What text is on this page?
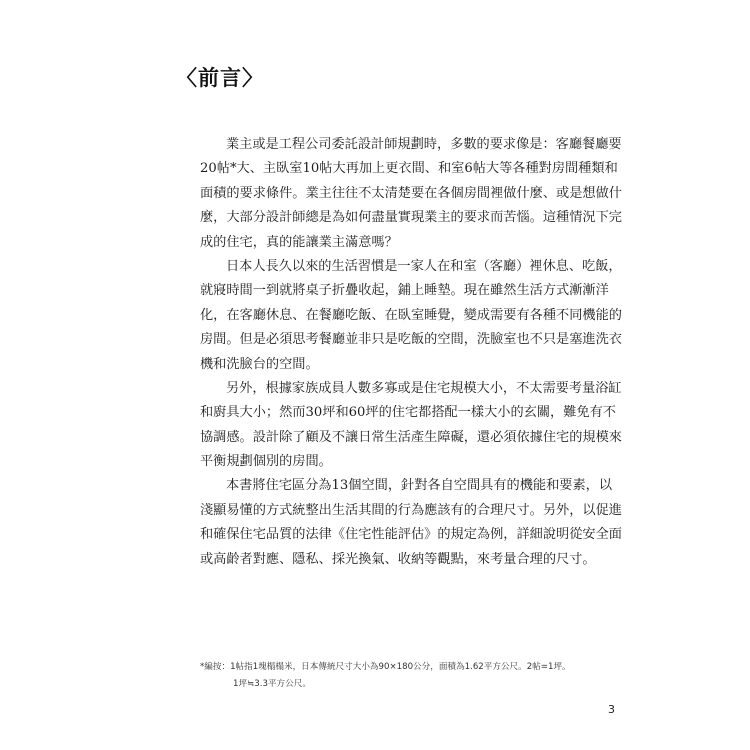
〈前言〉
業主或是工程公司委託設計師規劃時，多數的要求像是：客廳餐廳要
20帖*大、主臥室10帖大再加上更衣間、和室6帖大等各種對房間種類和
面積的要求條件。業主往往不太清楚要在各個房間裡做什麼、或是想做什
麼，大部分設計師總是為如何盡量實現業主的要求而苦惱。這種情況下完
成的住宅，真的能讓業主滿意嗎？
日本人長久以來的生活習慣是一家人在和室（客廳）裡休息、吃飯，
就寢時間一到就將桌子折疊收起，鋪上睡墊。現在雖然生活方式漸漸洋
化，在客廳休息、在餐廳吃飯、在臥室睡覺，變成需要有各種不同機能的
房間。但是必須思考餐廳並非只是吃飯的空間，洗臉室也不只是塞進洗衣
機和洗臉台的空間。
另外，根據家族成員人數多寡或是住宅規模大小，不太需要考量浴缸
和廚具大小；然而30坪和60坪的住宅都搭配一樣大小的玄關，難免有不
協調感。設計除了顧及不讓日常生活產生障礙，還必須依據住宅的規模來
平衡規劃個別的房間。
本書將住宅區分為13個空間，針對各自空間具有的機能和要素，以
淺顯易懂的方式統整出生活其間的行為應該有的合理尺寸。另外，以促進
和確保住宅品質的法律《住宅性能評估》的規定為例，詳細說明從安全面
或高齡者對應、隱私、採光換氣、收納等觀點，來考量合理的尺寸。
*編按：1帖指1塊榻榻米，日本傳統尺寸大小為90×180公分，面積為1.62平方公尺。2帖=1坪。
1坪≒3.3平方公尺。
3
